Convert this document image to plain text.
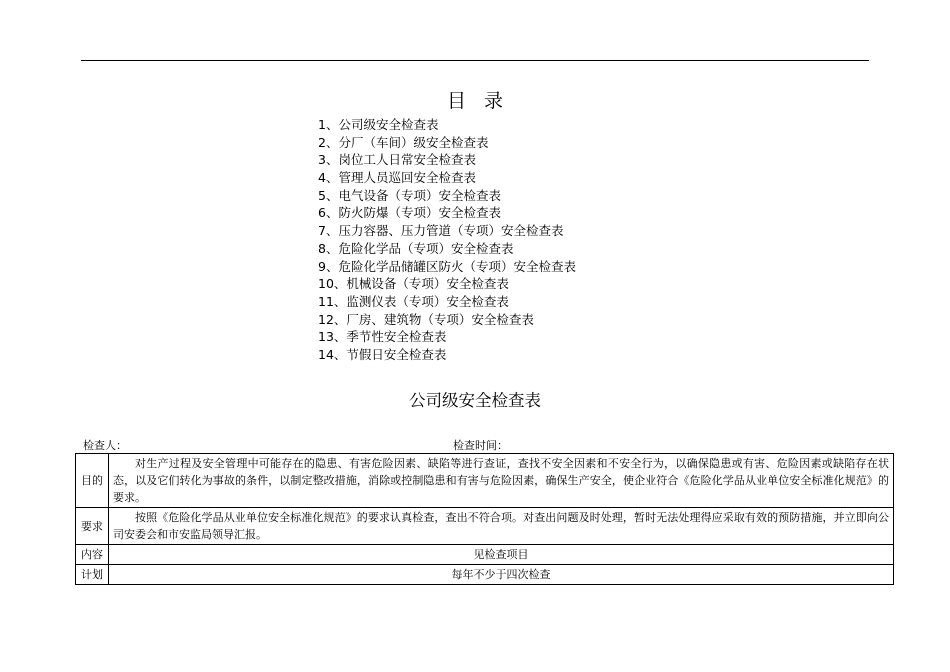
目录
1、公司级安全检查表
2、分厂（车间）级安全检查表
3、岗位工人日常安全检查表
4、管理人员巡回安全检查表
5、电气设备（专项）安全检查表
6、防火防爆（专项）安全检查表
7、压力容器、压力管道（专项）安全检查表
8、危险化学品（专项）安全检查表
9、危险化学品储罐区防火（专项）安全检查表
10、机械设备（专项）安全检查表
11、监测仪表（专项）安全检查表
12、厂房、建筑物（专项）安全检查表
13、季节性安全检查表
14、节假日安全检查表
公司级安全检查表
检查人：	检查时间：
目的	对生产过程及安全管理中可能存在的隐患、有害危险因素、缺陷等进行查证，查找不安全因素和不安全行为，以确保隐患或有害、危险因素或缺陷存在状态，以及它们转化为事故的条件，以制定整改措施，消除或控制隐患和有害与危险因素，确保生产安全，使企业符合《危险化学品从业单位安全标准化规范》的要求。
要求	按照《危险化学品从业单位安全标准化规范》的要求认真检查，查出不符合项。对查出问题及时处理，暂时无法处理得应采取有效的预防措施，并立即向公司安委会和市安监局领导汇报。
内容	见检查项目
计划	每年不少于四次检查
